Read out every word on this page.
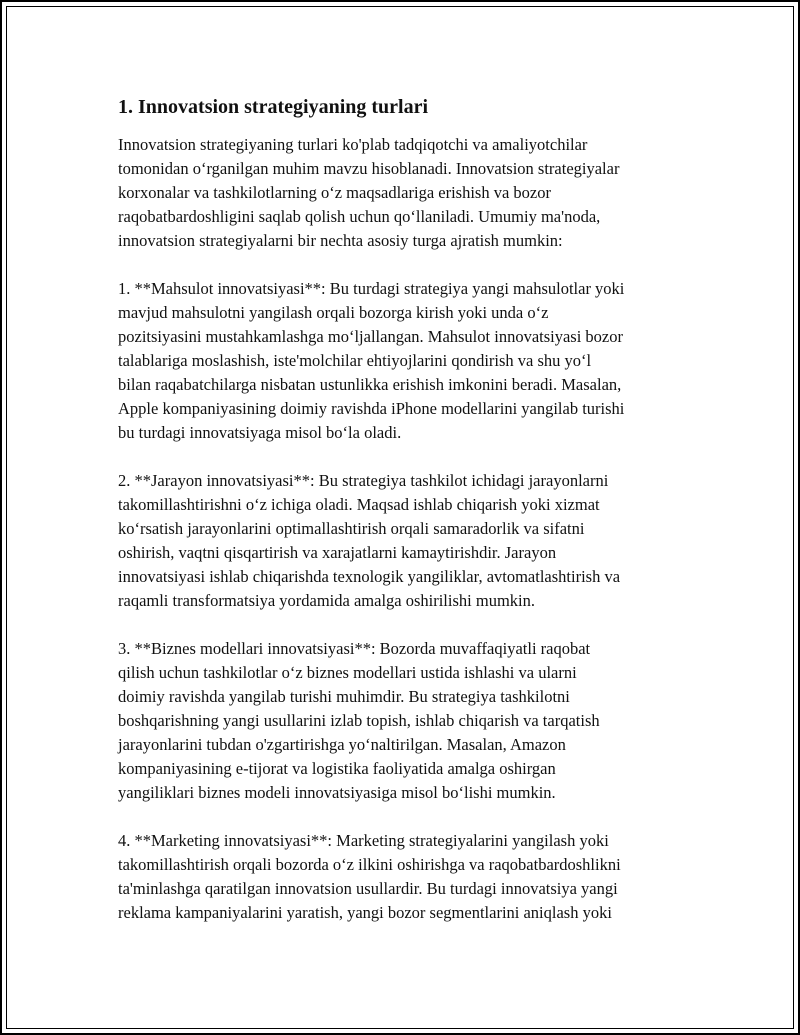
1. Innovatsion strategiyaning turlari

Innovatsion strategiyaning turlari ko'plab tadqiqotchi va amaliyotchilar
tomonidan o‘rganilgan muhim mavzu hisoblanadi. Innovatsion strategiyalar
korxonalar va tashkilotlarning o‘z maqsadlariga erishish va bozor
raqobatbardoshligini saqlab qolish uchun qo‘llaniladi. Umumiy ma'noda,
innovatsion strategiyalarni bir nechta asosiy turga ajratish mumkin:

1. **Mahsulot innovatsiyasi**: Bu turdagi strategiya yangi mahsulotlar yoki
mavjud mahsulotni yangilash orqali bozorga kirish yoki unda o‘z
pozitsiyasini mustahkamlashga mo‘ljallangan. Mahsulot innovatsiyasi bozor
talablariga moslashish, iste'molchilar ehtiyojlarini qondirish va shu yo‘l
bilan raqabatchilarga nisbatan ustunlikka erishish imkonini beradi. Masalan,
Apple kompaniyasining doimiy ravishda iPhone modellarini yangilab turishi
bu turdagi innovatsiyaga misol bo‘la oladi.

2. **Jarayon innovatsiyasi**: Bu strategiya tashkilot ichidagi jarayonlarni
takomillashtirishni o‘z ichiga oladi. Maqsad ishlab chiqarish yoki xizmat
ko‘rsatish jarayonlarini optimallashtirish orqali samaradorlik va sifatni
oshirish, vaqtni qisqartirish va xarajatlarni kamaytirishdir. Jarayon
innovatsiyasi ishlab chiqarishda texnologik yangiliklar, avtomatlashtirish va
raqamli transformatsiya yordamida amalga oshirilishi mumkin.

3. **Biznes modellari innovatsiyasi**: Bozorda muvaffaqiyatli raqobat
qilish uchun tashkilotlar o‘z biznes modellari ustida ishlashi va ularni
doimiy ravishda yangilab turishi muhimdir. Bu strategiya tashkilotni
boshqarishning yangi usullarini izlab topish, ishlab chiqarish va tarqatish
jarayonlarini tubdan o'zgartirishga yo‘naltirilgan. Masalan, Amazon
kompaniyasining e-tijorat va logistika faoliyatida amalga oshirgan
yangiliklari biznes modeli innovatsiyasiga misol bo‘lishi mumkin.

4. **Marketing innovatsiyasi**: Marketing strategiyalarini yangilash yoki
takomillashtirish orqali bozorda o‘z ilkini oshirishga va raqobatbardoshlikni
ta'minlashga qaratilgan innovatsion usullardir. Bu turdagi innovatsiya yangi
reklama kampaniyalarini yaratish, yangi bozor segmentlarini aniqlash yoki
